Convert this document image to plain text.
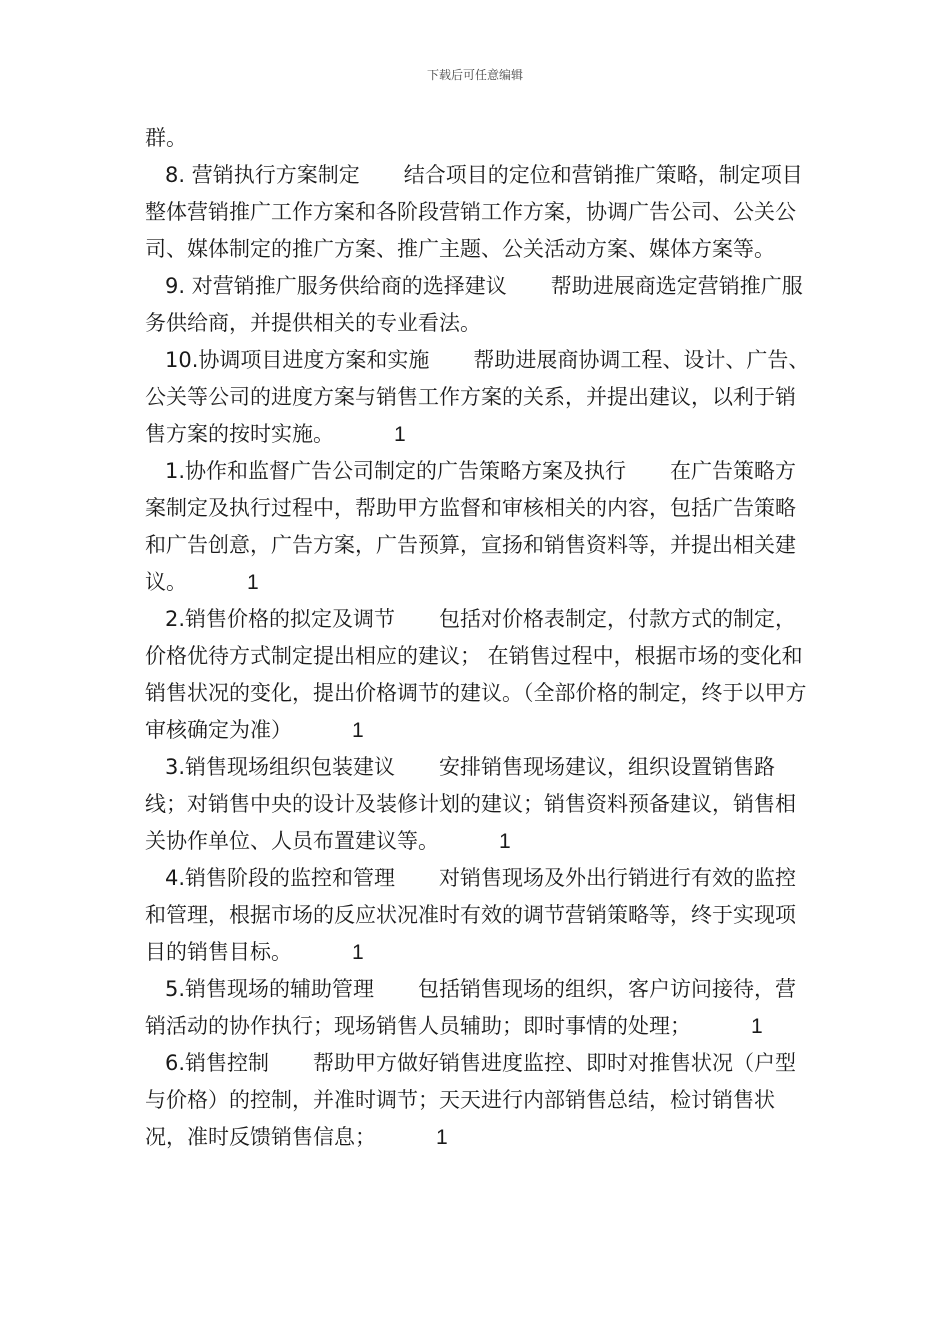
下载后可任意编辑

群。

8. 营销执行方案制定 结合项目的定位和营销推广策略，制定项目整体营销推广工作方案和各阶段营销工作方案，协调广告公司、公关公司、媒体制定的推广方案、推广主题、公关活动方案、媒体方案等。

9. 对营销推广服务供给商的选择建议 帮助进展商选定营销推广服务供给商，并提供相关的专业看法。

10.协调项目进度方案和实施 帮助进展商协调工程、设计、广告、公关等公司的进度方案与销售工作方案的关系，并提出建议，以利于销售方案的按时实施。	1

1.协作和监督广告公司制定的广告策略方案及执行 在广告策略方案制定及执行过程中，帮助甲方监督和审核相关的内容，包括广告策略和广告创意，广告方案，广告预算，宣扬和销售资料等，并提出相关建议。	1

2.销售价格的拟定及调节 包括对价格表制定，付款方式的制定，价格优待方式制定提出相应的建议； 在销售过程中，根据市场的变化和销售状况的变化，提出价格调节的建议。（全部价格的制定，终于以甲方审核确定为准）	1

3.销售现场组织包装建议 安排销售现场建议，组织设置销售路线；对销售中央的设计及装修计划的建议；销售资料预备建议，销售相关协作单位、人员布置建议等。	1

4.销售阶段的监控和管理 对销售现场及外出行销进行有效的监控和管理，根据市场的反应状况准时有效的调节营销策略等，终于实现项目的销售目标。	1

5.销售现场的辅助管理 包括销售现场的组织，客户访问接待，营销活动的协作执行；现场销售人员辅助；即时事情的处理；	1

6.销售控制 帮助甲方做好销售进度监控、即时对推售状况（户型与价格）的控制，并准时调节；天天进行内部销售总结，检讨销售状况，准时反馈销售信息；	1
